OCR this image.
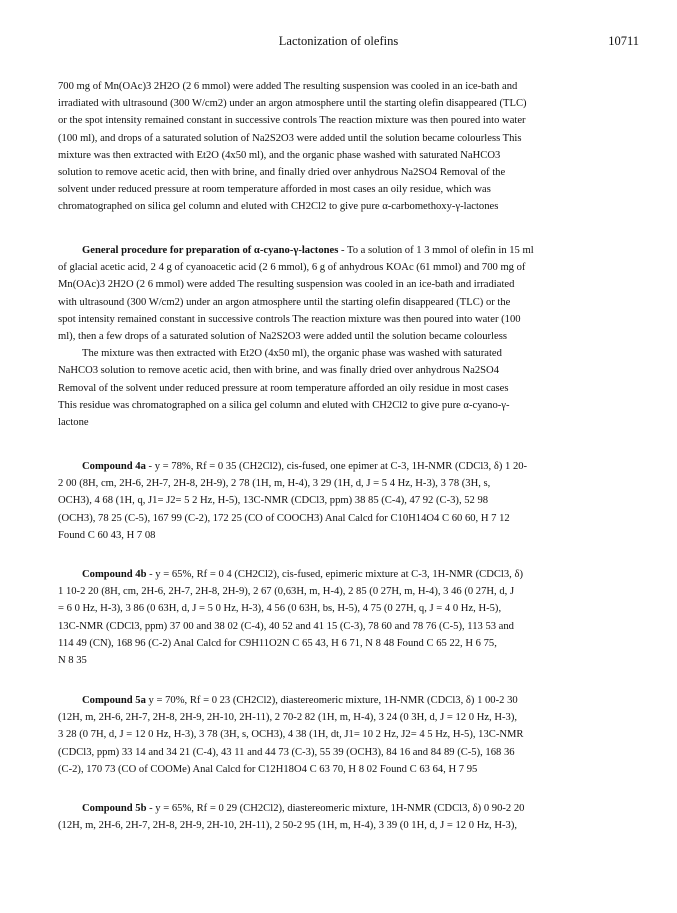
Lactonization of olefins	10711
700 mg of Mn(OAc)3 2H2O (2 6 mmol) were added The resulting suspension was cooled in an ice-bath and
irradiated with ultrasound (300 W/cm2) under an argon atmosphere until the starting olefin disappeared (TLC)
or the spot intensity remained constant in successive controls The reaction mixture was then poured into water
(100 ml), and drops of a saturated solution of Na2S2O3 were added until the solution became colourless This
mixture was then extracted with Et2O (4x50 ml), and the organic phase washed with saturated NaHCO3
solution to remove acetic acid, then with brine, and finally dried over anhydrous Na2SO4 Removal of the
solvent under reduced pressure at room temperature afforded in most cases an oily residue, which was
chromatographed on silica gel column and eluted with CH2Cl2 to give pure α-carbomethoxy-γ-lactones
General procedure for preparation of α-cyano-γ-lactones - To a solution of 1 3 mmol of olefin in 15 ml
of glacial acetic acid, 2 4 g of cyanoacetic acid (2 6 mmol), 6 g of anhydrous KOAc (61 mmol) and 700 mg of
Mn(OAc)3 2H2O (2 6 mmol) were added The resulting suspension was cooled in an ice-bath and irradiated
with ultrasound (300 W/cm2) under an argon atmosphere until the starting olefin disappeared (TLC) or the
spot intensity remained constant in successive controls The reaction mixture was then poured into water (100
ml), then a few drops of a saturated solution of Na2S2O3 were added until the solution became colourless
The mixture was then extracted with Et2O (4x50 ml), the organic phase was washed with saturated
NaHCO3 solution to remove acetic acid, then with brine, and was finally dried over anhydrous Na2SO4
Removal of the solvent under reduced pressure at room temperature afforded an oily residue in most cases
This residue was chromatographed on a silica gel column and eluted with CH2Cl2 to give pure α-cyano-γ-
lactone
Compound 4a - y = 78%, Rf = 0 35 (CH2Cl2), cis-fused, one epimer at C-3, 1H-NMR (CDCl3, δ) 1 20-
2 00 (8H, cm, 2H-6, 2H-7, 2H-8, 2H-9), 2 78 (1H, m, H-4), 3 29 (1H, d, J = 5 4 Hz, H-3), 3 78 (3H, s,
OCH3), 4 68 (1H, q, J1= J2= 5 2 Hz, H-5), 13C-NMR (CDCl3, ppm) 38 85 (C-4), 47 92 (C-3), 52 98
(OCH3), 78 25 (C-5), 167 99 (C-2), 172 25 (CO of COOCH3) Anal Calcd for C10H14O4 C 60 60, H 7 12
Found C 60 43, H 7 08
Compound 4b - y = 65%, Rf = 0 4 (CH2Cl2), cis-fused, epimeric mixture at C-3, 1H-NMR (CDCl3, δ)
1 10-2 20 (8H, cm, 2H-6, 2H-7, 2H-8, 2H-9), 2 67 (0,63H, m, H-4), 2 85 (0 27H, m, H-4), 3 46 (0 27H, d, J
= 6 0 Hz, H-3), 3 86 (0 63H, d, J = 5 0 Hz, H-3), 4 56 (0 63H, bs, H-5), 4 75 (0 27H, q, J = 4 0 Hz, H-5),
13C-NMR (CDCl3, ppm) 37 00 and 38 02 (C-4), 40 52 and 41 15 (C-3), 78 60 and 78 76 (C-5), 113 53 and
114 49 (CN), 168 96 (C-2) Anal Calcd for C9H11O2N C 65 43, H 6 71, N 8 48 Found C 65 22, H 6 75,
N 8 35
Compound 5a y = 70%, Rf = 0 23 (CH2Cl2), diastereomeric mixture, 1H-NMR (CDCl3, δ) 1 00-2 30
(12H, m, 2H-6, 2H-7, 2H-8, 2H-9, 2H-10, 2H-11), 2 70-2 82 (1H, m, H-4), 3 24 (0 3H, d, J = 12 0 Hz, H-3),
3 28 (0 7H, d, J = 12 0 Hz, H-3), 3 78 (3H, s, OCH3), 4 38 (1H, dt, J1= 10 2 Hz, J2= 4 5 Hz, H-5), 13C-NMR
(CDCl3, ppm) 33 14 and 34 21 (C-4), 43 11 and 44 73 (C-3), 55 39 (OCH3), 84 16 and 84 89 (C-5), 168 36
(C-2), 170 73 (CO of COOMe) Anal Calcd for C12H18O4 C 63 70, H 8 02 Found C 63 64, H 7 95
Compound 5b - y = 65%, Rf = 0 29 (CH2Cl2), diastereomeric mixture, 1H-NMR (CDCl3, δ) 0 90-2 20
(12H, m, 2H-6, 2H-7, 2H-8, 2H-9, 2H-10, 2H-11), 2 50-2 95 (1H, m, H-4), 3 39 (0 1H, d, J = 12 0 Hz, H-3),
